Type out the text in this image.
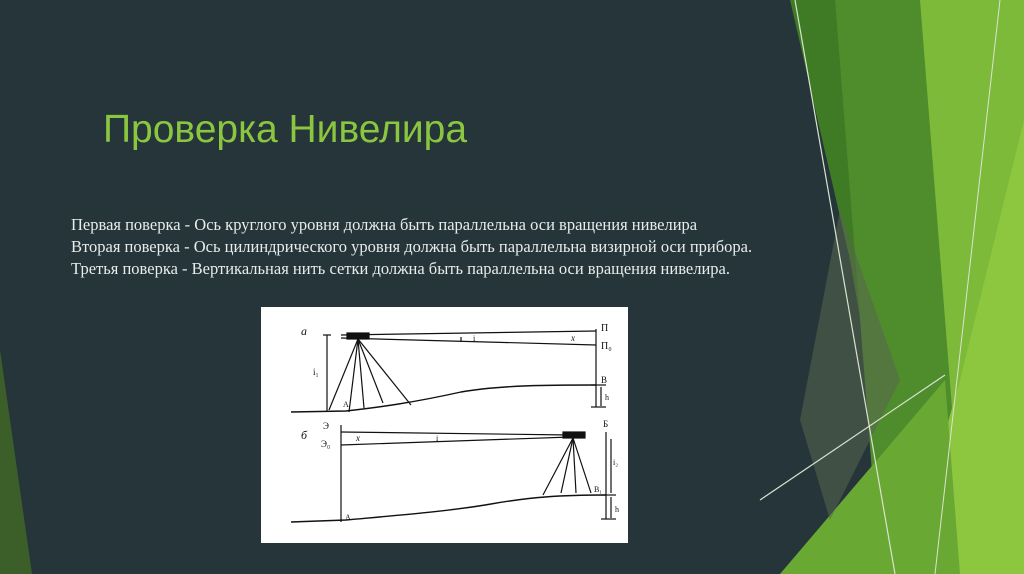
Проверка Нивелира
Первая поверка - Ось круглого уровня должна быть параллельна оси вращения нивелира
Вторая поверка - Ось цилиндрического уровня должна быть параллельна визирной оси прибора.
Третья поверка - Вертикальная нить сетки должна быть параллельна оси вращения нивелира.
а
i₁
А
П
П₀
В
h
i	x
б
Э
Э₀
А
Б
i₂
В₁
h
i
x
